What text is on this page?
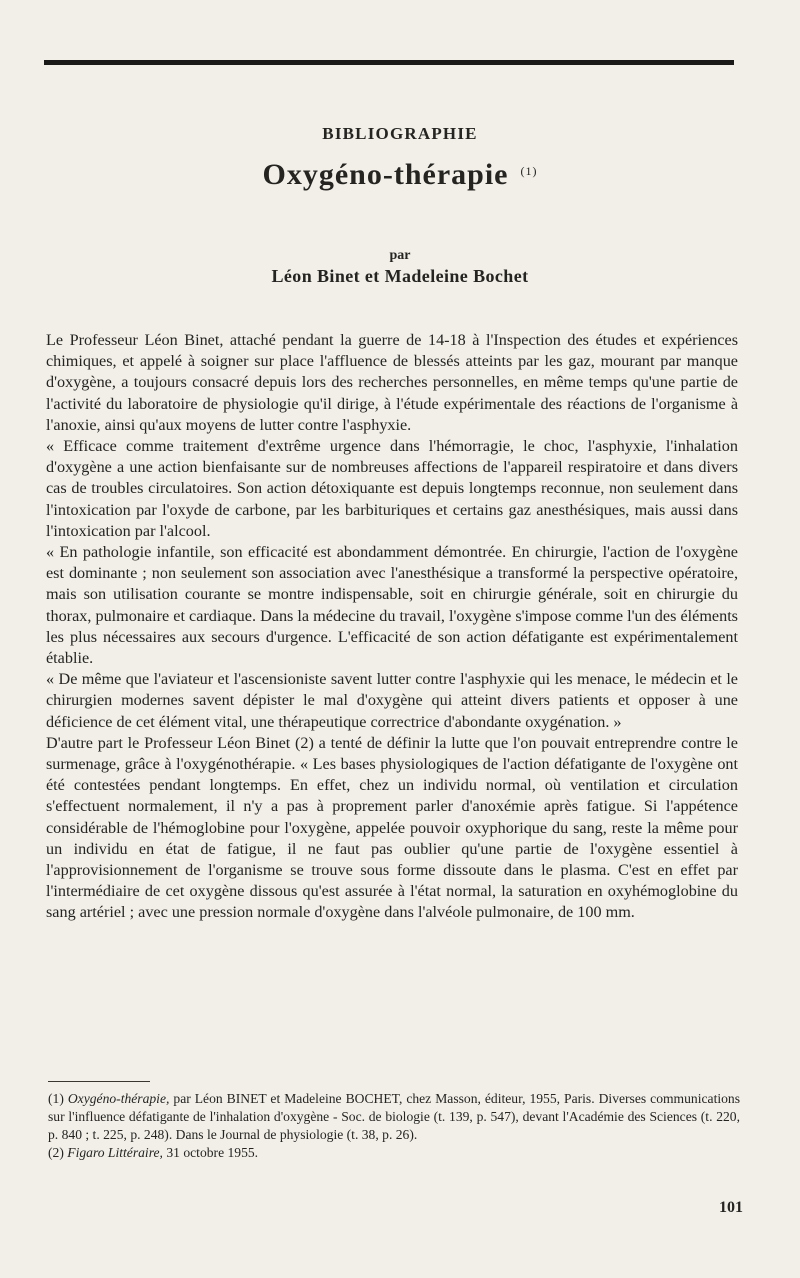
BIBLIOGRAPHIE
Oxygéno-thérapie $^{(1)}$
par
Léon Binet et Madeleine Bochet

Le Professeur Léon Binet, attaché pendant la guerre de 14-18 à l'Inspection des études et expériences chimiques, et appelé à soigner sur place l'affluence de blessés atteints par les gaz, mourant par manque d'oxygène, a toujours consacré depuis lors des recherches personnelles, en même temps qu'une partie de l'activité du laboratoire de physiologie qu'il dirige, à l'étude expérimentale des réactions de l'organisme à l'anoxie, ainsi qu'aux moyens de lutter contre l'asphyxie.

« Efficace comme traitement d'extrême urgence dans l'hémorragie, le choc, l'asphyxie, l'inhalation d'oxygène a une action bienfaisante sur de nombreuses affections de l'appareil respiratoire et dans divers cas de troubles circulatoires. Son action détoxiquante est depuis longtemps reconnue, non seulement dans l'intoxication par l'oxyde de carbone, par les barbituriques et certains gaz anesthésiques, mais aussi dans l'intoxication par l'alcool.

« En pathologie infantile, son efficacité est abondamment démontrée. En chirurgie, l'action de l'oxygène est dominante ; non seulement son association avec l'anesthésique a transformé la perspective opératoire, mais son utilisation courante se montre indispensable, soit en chirurgie générale, soit en chirurgie du thorax, pulmonaire et cardiaque. Dans la médecine du travail, l'oxygène s'impose comme l'un des éléments les plus nécessaires aux secours d'urgence. L'efficacité de son action défatigante est expérimentalement établie.

« De même que l'aviateur et l'ascensioniste savent lutter contre l'asphyxie qui les menace, le médecin et le chirurgien modernes savent dépister le mal d'oxygène qui atteint divers patients et opposer à une déficience de cet élément vital, une thérapeutique correctrice d'abondante oxygénation. »

D'autre part le Professeur Léon Binet (2) a tenté de définir la lutte que l'on pouvait entreprendre contre le surmenage, grâce à l'oxygénothérapie. « Les bases physiologiques de l'action défatigante de l'oxygène ont été contestées pendant longtemps. En effet, chez un individu normal, où ventilation et circulation s'effectuent normalement, il n'y a pas à proprement parler d'anoxémie après fatigue. Si l'appétence considérable de l'hémoglobine pour l'oxygène, appelée pouvoir oxyphorique du sang, reste la même pour un individu en état de fatigue, il ne faut pas oublier qu'une partie de l'oxygène essentiel à l'approvisionnement de l'organisme se trouve sous forme dissoute dans le plasma. C'est en effet par l'intermédiaire de cet oxygène dissous qu'est assurée à l'état normal, la saturation en oxyhémoglobine du sang artériel ; avec une pression normale d'oxygène dans l'alvéole pulmonaire, de 100 mm.

(1) Oxygéno-thérapie, par Léon BINET et Madeleine BOCHET, chez Masson, éditeur, 1955, Paris. Diverses communications sur l'influence défatigante de l'inhalation d'oxygène - Soc. de biologie (t. 139, p. 547), devant l'Académie des Sciences (t. 220, p. 840 ; t. 225, p. 248). Dans le Journal de physiologie (t. 38, p. 26).

(2) Figaro Littéraire, 31 octobre 1955.

101
